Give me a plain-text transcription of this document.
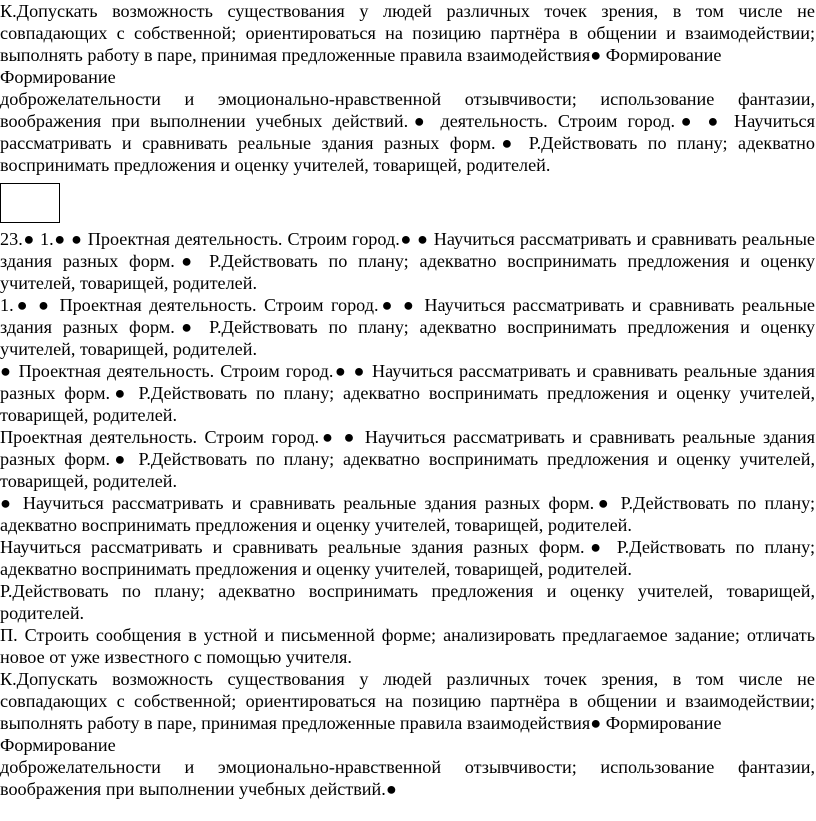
К.Допускать возможность существования у людей различных точек зрения, в том числе не совпадающих с собственной; ориентироваться на позицию партнёра в общении и взаимодействии; выполнять работу в паре, принимая предложенные правила взаимодействия● Формирование

Формирование

доброжелательности и эмоционально-нравственной отзывчивости; использование фантазии, воображения при выполнении учебных действий.● деятельность. Строим город.● ● Научиться рассматривать и сравнивать реальные здания разных форм.● Р.Действовать по плану; адекватно воспринимать предложения и оценку учителей, товарищей, родителей.

23.● 1.● ● Проектная деятельность. Строим город.● ● Научиться рассматривать и сравнивать реальные здания разных форм.● Р.Действовать по плану; адекватно воспринимать предложения и оценку учителей, товарищей, родителей.

1.● ● Проектная деятельность. Строим город.● ● Научиться рассматривать и сравнивать реальные здания разных форм.● Р.Действовать по плану; адекватно воспринимать предложения и оценку учителей, товарищей, родителей.

● Проектная деятельность. Строим город.● ● Научиться рассматривать и сравнивать реальные здания разных форм.● Р.Действовать по плану; адекватно воспринимать предложения и оценку учителей, товарищей, родителей.

Проектная деятельность. Строим город.● ● Научиться рассматривать и сравнивать реальные здания разных форм.● Р.Действовать по плану; адекватно воспринимать предложения и оценку учителей, товарищей, родителей.

● Научиться рассматривать и сравнивать реальные здания разных форм.● Р.Действовать по плану; адекватно воспринимать предложения и оценку учителей, товарищей, родителей.

Научиться рассматривать и сравнивать реальные здания разных форм.● Р.Действовать по плану; адекватно воспринимать предложения и оценку учителей, товарищей, родителей.

Р.Действовать по плану; адекватно воспринимать предложения и оценку учителей, товарищей, родителей.

П. Строить сообщения в устной и письменной форме; анализировать предлагаемое задание; отличать новое от уже известного с помощью учителя.

К.Допускать возможность существования у людей различных точек зрения, в том числе не совпадающих с собственной; ориентироваться на позицию партнёра в общении и взаимодействии; выполнять работу в паре, принимая предложенные правила взаимодействия● Формирование

Формирование

доброжелательности и эмоционально-нравственной отзывчивости; использование фантазии, воображения при выполнении учебных действий.●
